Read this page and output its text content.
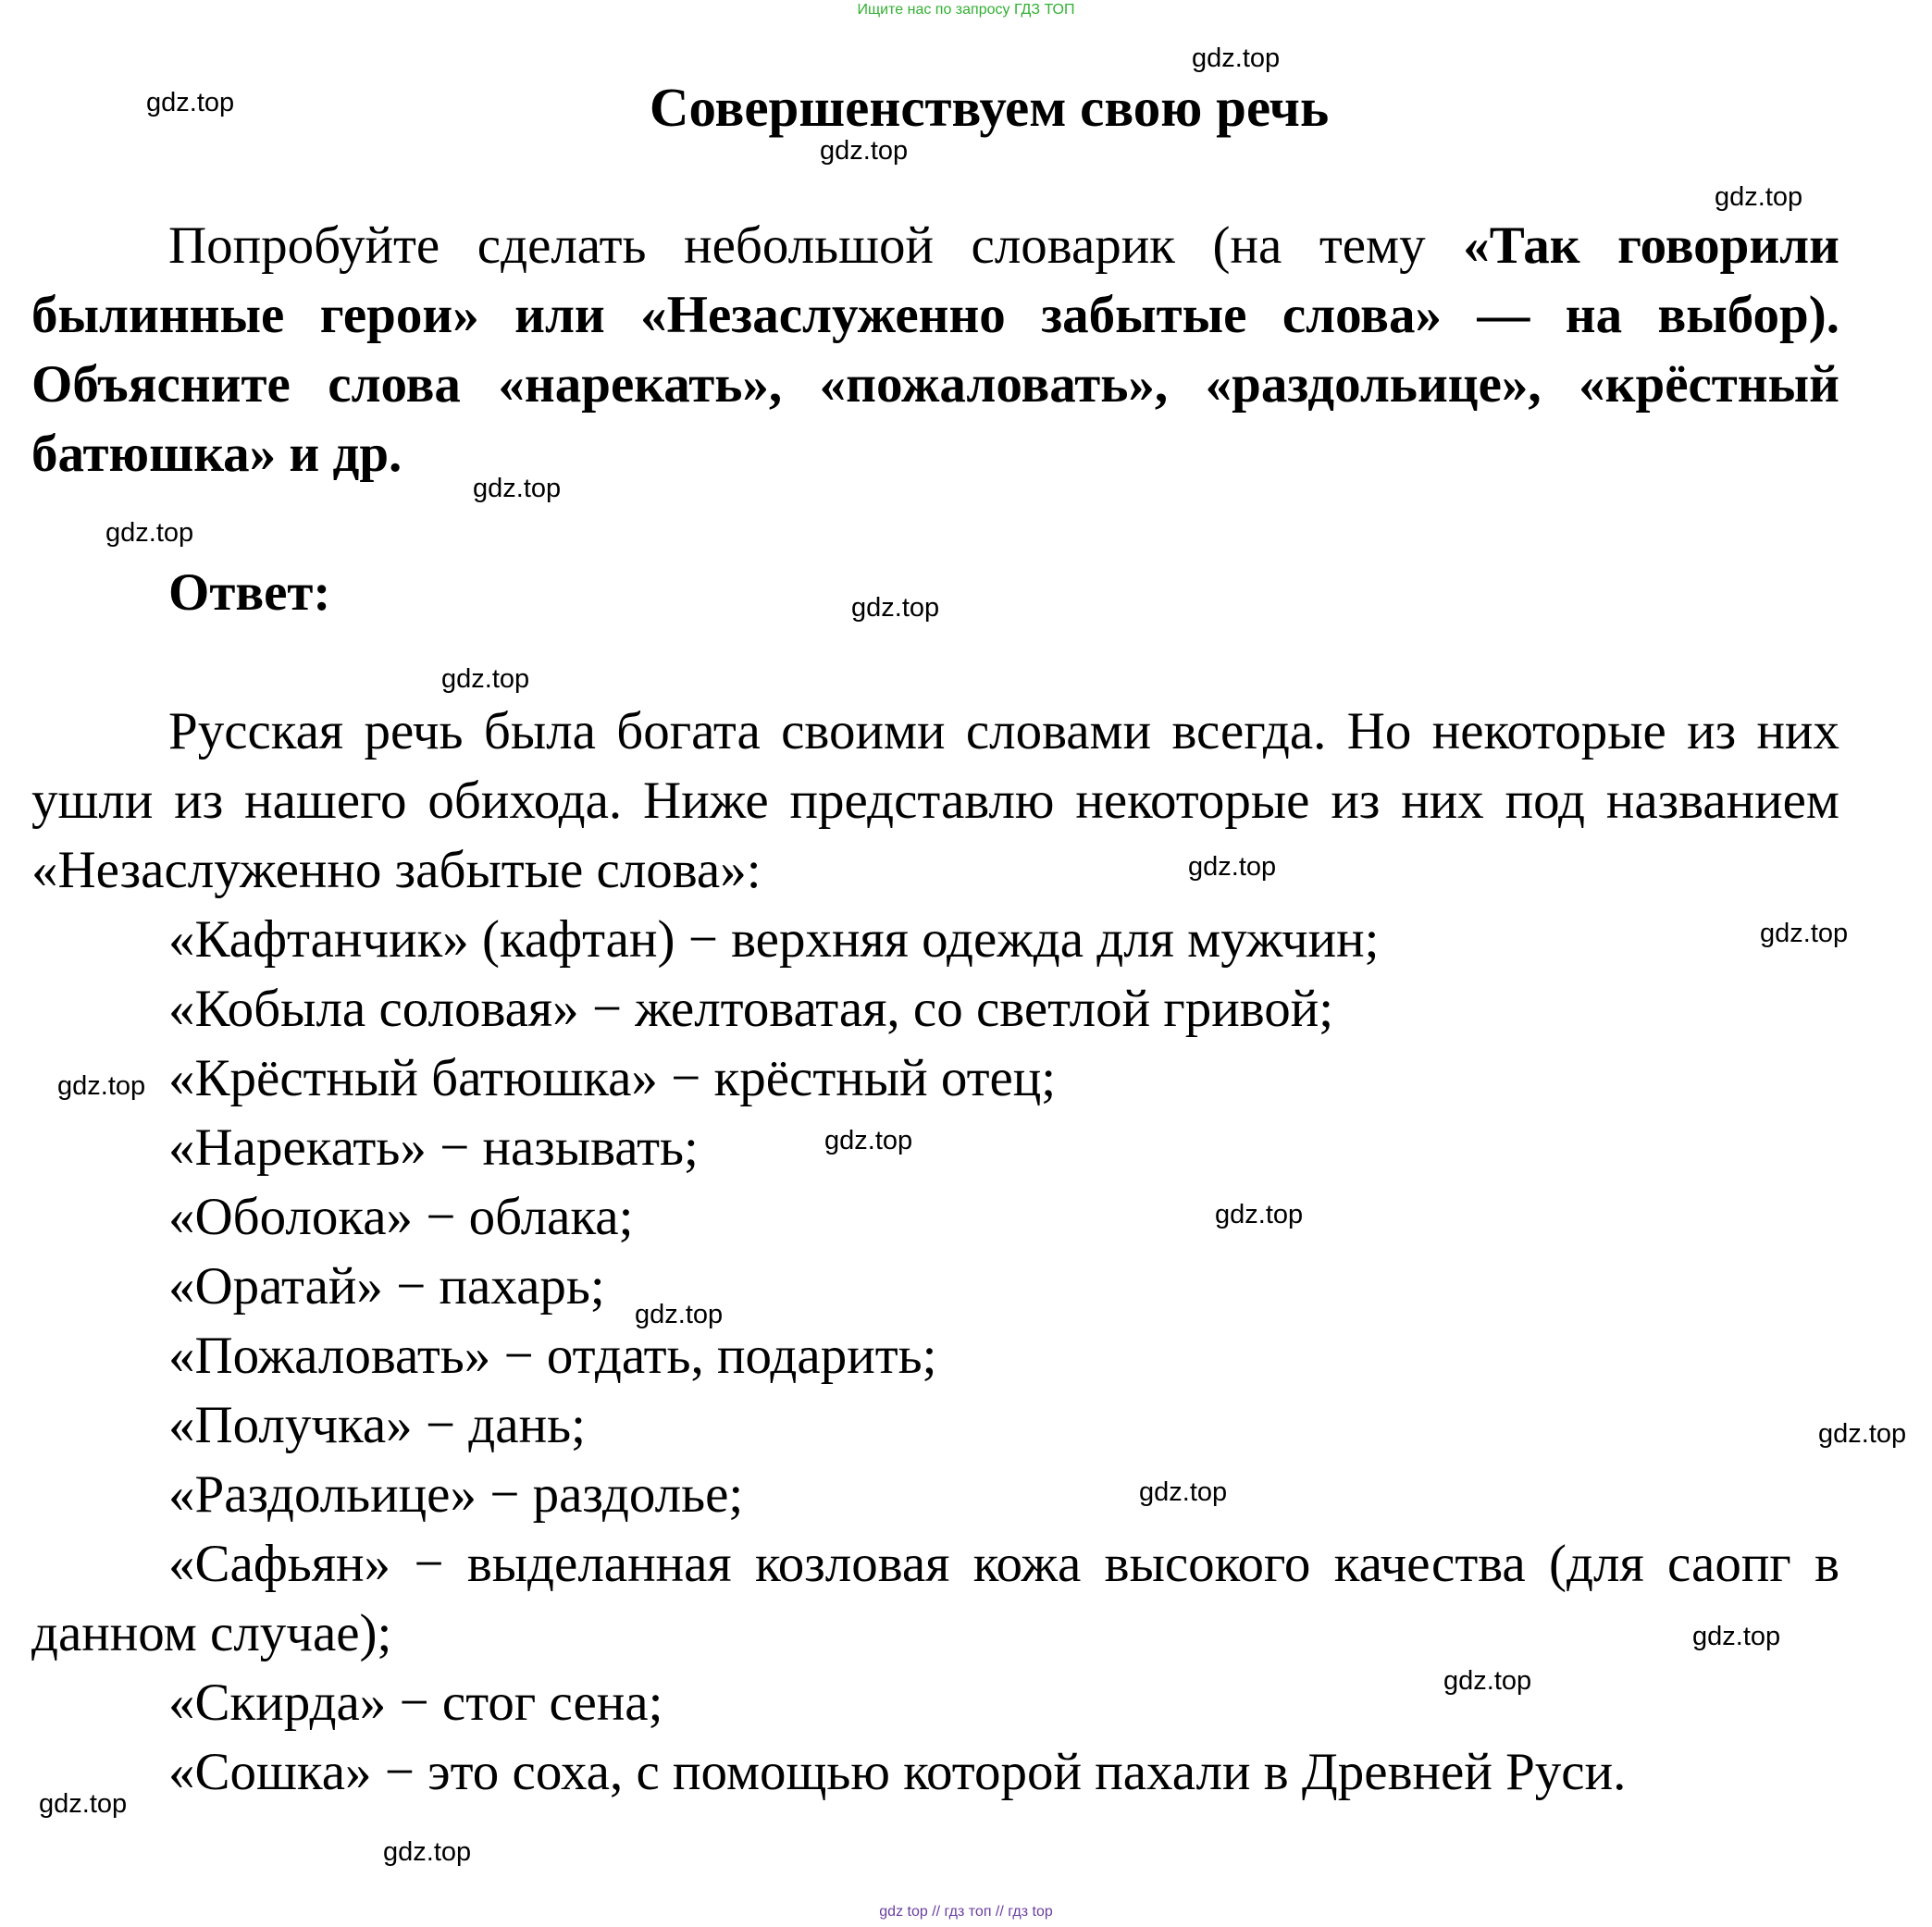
Ищите нас по запросу ГДЗ ТОП
Совершенствуем свою речь
Попробуйте сделать небольшой словарик (на тему «Так говорили былинные герои» или «Незаслуженно забытые слова» — на выбор). Объясните слова «нарекать», «пожаловать», «раздольице», «крёстный батюшка» и др.
Ответ:
Русская речь была богата своими словами всегда. Но некоторые из них ушли из нашего обихода. Ниже представлю некоторые из них под названием «Незаслуженно забытые слова»:
«Кафтанчик» (кафтан) − верхняя одежда для мужчин;
«Кобыла соловая» − желтоватая, со светлой гривой;
«Крёстный батюшка» − крёстный отец;
«Нарекать» − называть;
«Оболока» − облака;
«Оратай» − пахарь;
«Пожаловать» − отдать, подарить;
«Получка» − дань;
«Раздольице» − раздолье;
«Сафьян» − выделанная козловая кожа высокого качества (для саопг в данном случае);
«Скирда» − стог сена;
«Сошка» − это соха, с помощью которой пахали в Древней Руси.
gdz.top
gdz.top
gdz.top
gdz.top
gdz.top
gdz.top
gdz.top
gdz.top
gdz.top
gdz.top
gdz.top
gdz.top
gdz.top
gdz.top
gdz.top
gdz.top
gdz.top
gdz.top
gdz.top
gdz.top
gdz top // гдз топ // гдз top
